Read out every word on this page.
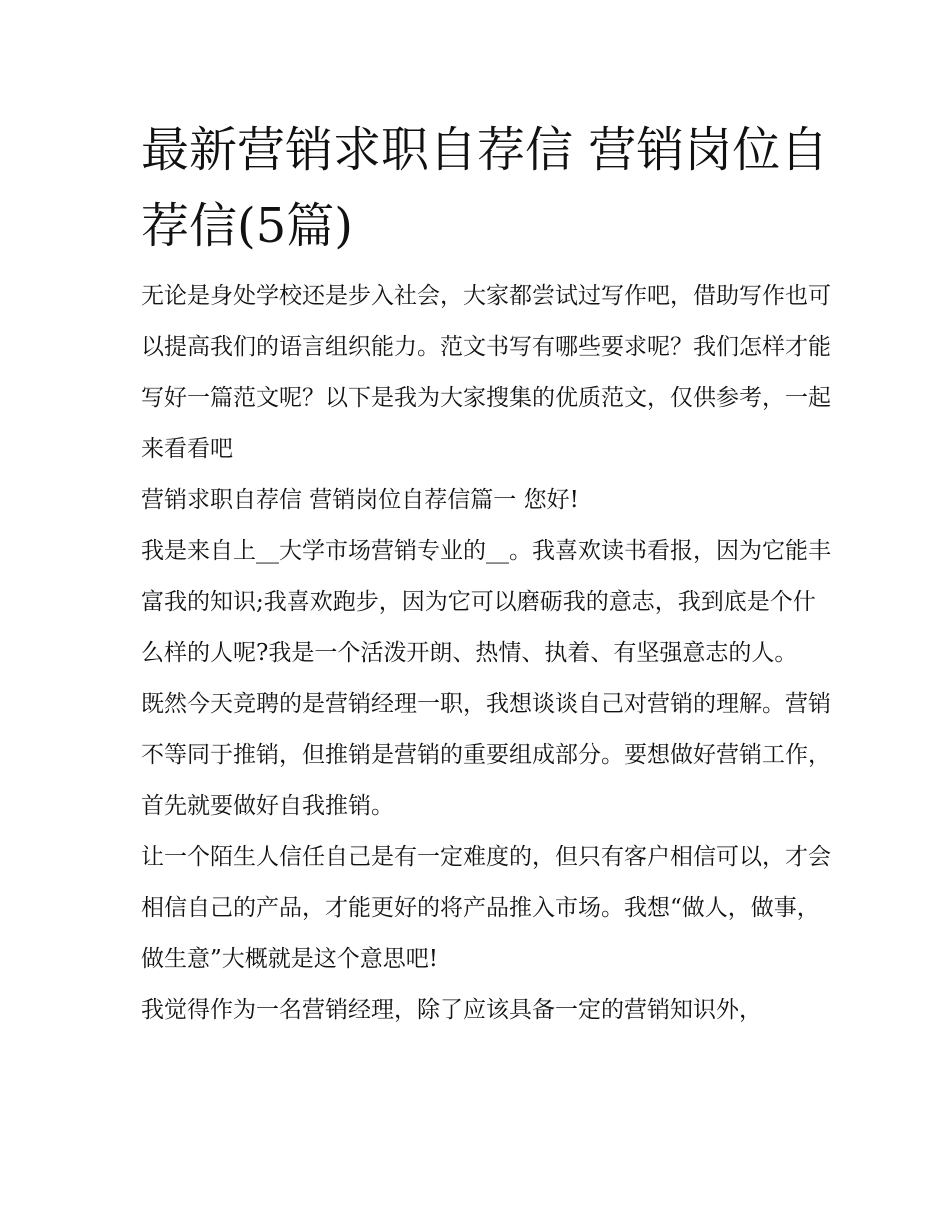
最新营销求职自荐信 营销岗位自荐信(5篇)

无论是身处学校还是步入社会，大家都尝试过写作吧，借助写作也可以提高我们的语言组织能力。范文书写有哪些要求呢？我们怎样才能写好一篇范文呢？以下是我为大家搜集的优质范文，仅供参考，一起来看看吧

营销求职自荐信 营销岗位自荐信篇一 您好!

我是来自上__大学市场营销专业的__。我喜欢读书看报，因为它能丰富我的知识;我喜欢跑步，因为它可以磨砺我的意志，我到底是个什么样的人呢?我是一个活泼开朗、热情、执着、有坚强意志的人。

既然今天竞聘的是营销经理一职，我想谈谈自己对营销的理解。营销不等同于推销，但推销是营销的重要组成部分。要想做好营销工作，首先就要做好自我推销。

让一个陌生人信任自己是有一定难度的，但只有客户相信可以，才会相信自己的产品，才能更好的将产品推入市场。我想“做人，做事，做生意”大概就是这个意思吧!

我觉得作为一名营销经理，除了应该具备一定的营销知识外，
